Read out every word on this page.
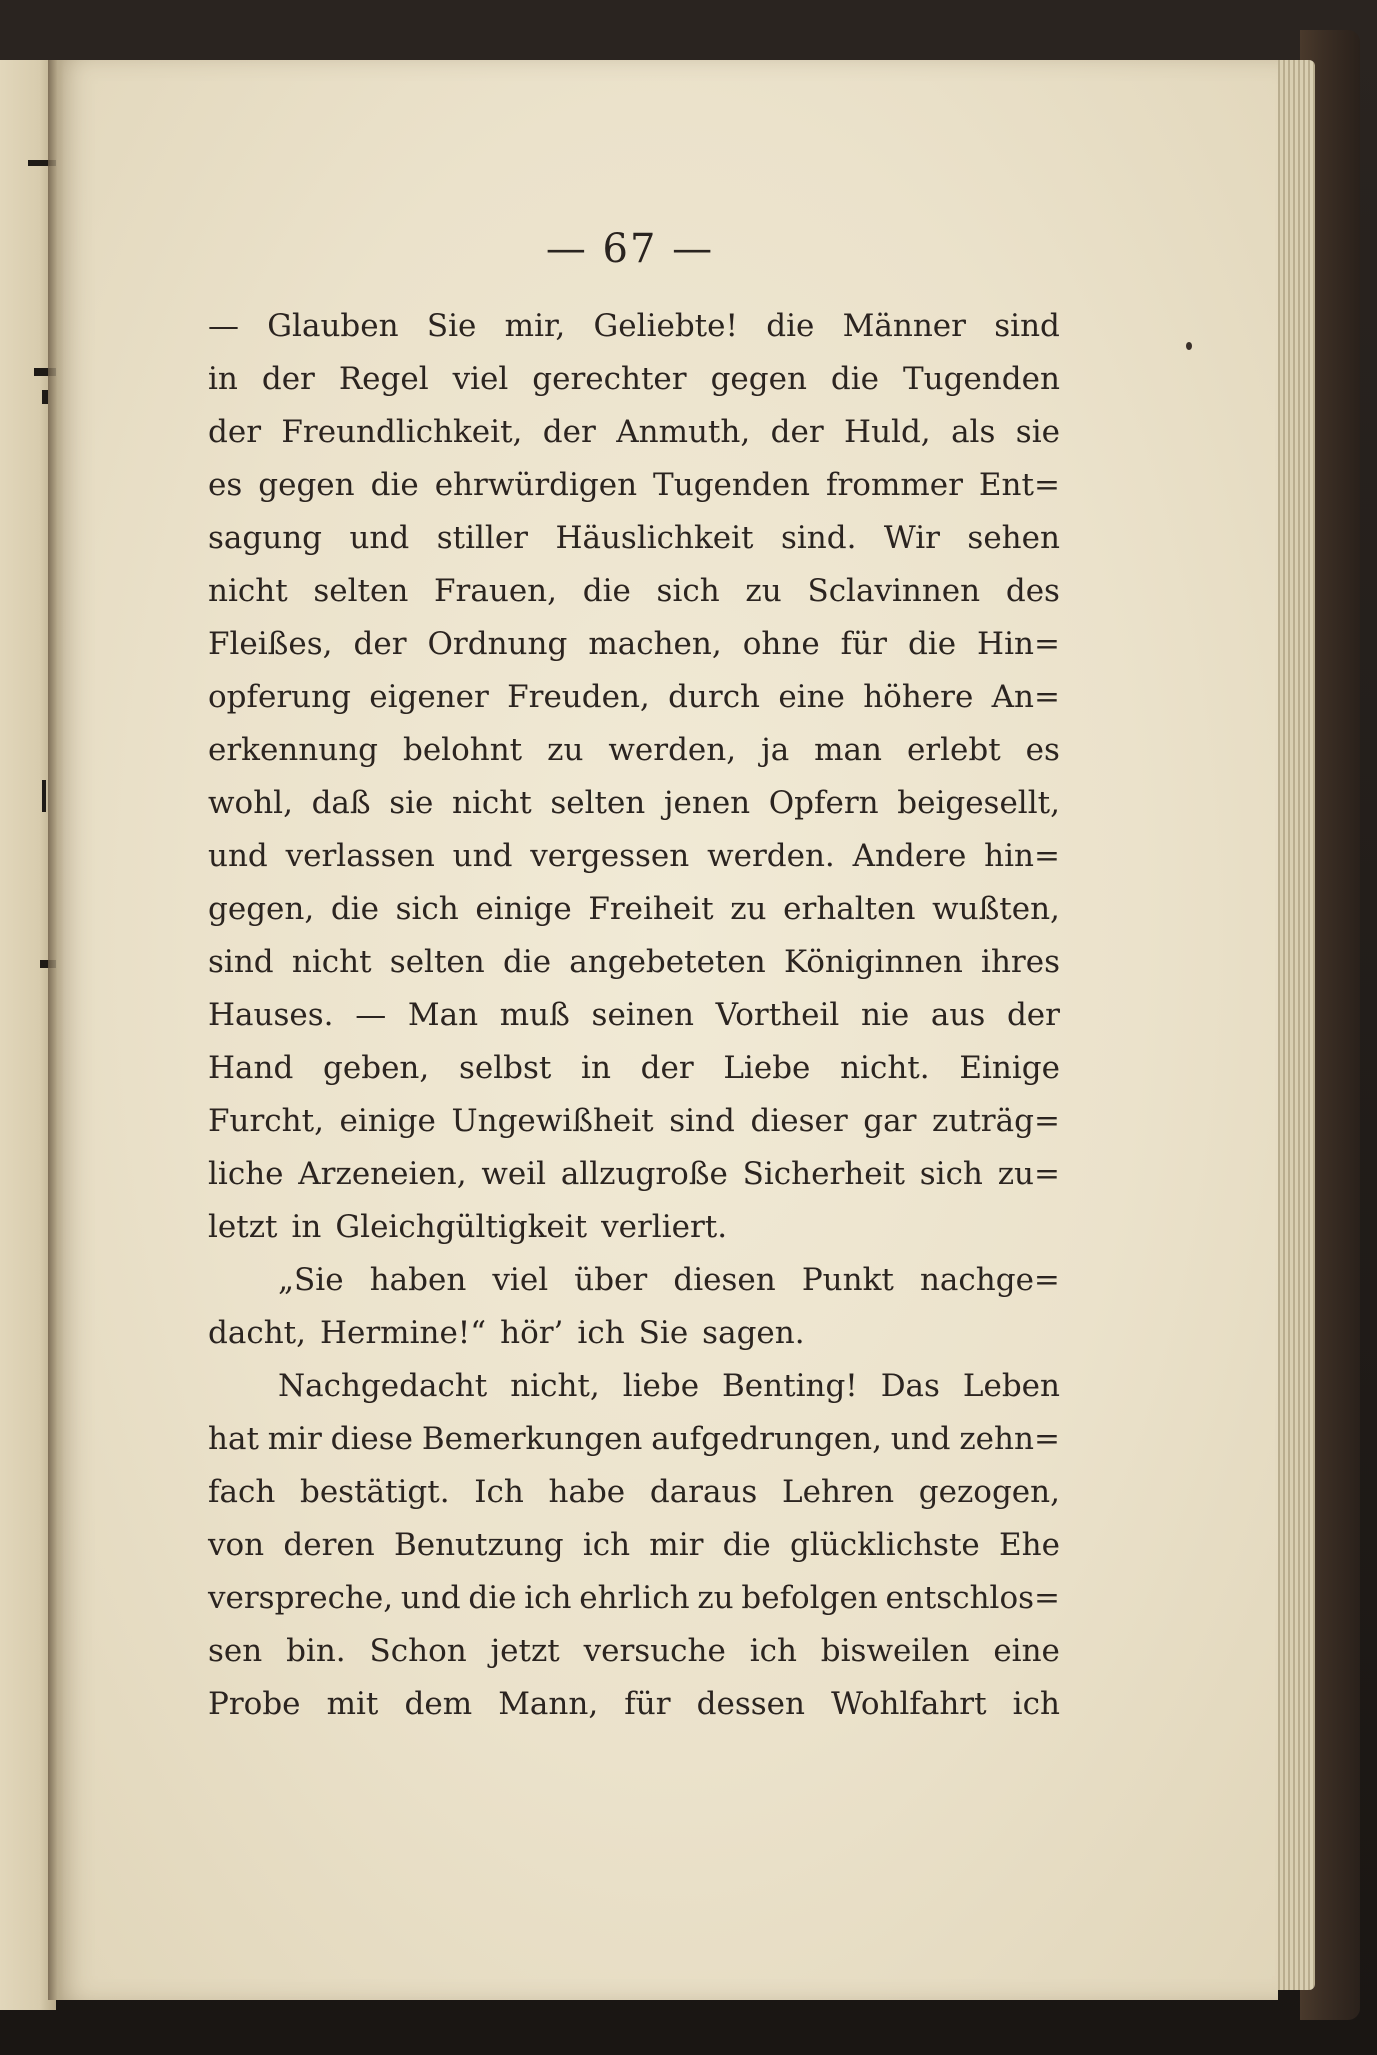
— 67 —
— Glauben Sie mir, Geliebte! die Männer sind
in der Regel viel gerechter gegen die Tugenden
der Freundlichkeit, der Anmuth, der Huld, als sie
es gegen die ehrwürdigen Tugenden frommer Ent=
sagung und stiller Häuslichkeit sind. Wir sehen
nicht selten Frauen, die sich zu Sclavinnen des
Fleißes, der Ordnung machen, ohne für die Hin=
opferung eigener Freuden, durch eine höhere An=
erkennung belohnt zu werden, ja man erlebt es
wohl, daß sie nicht selten jenen Opfern beigesellt,
und verlassen und vergessen werden. Andere hin=
gegen, die sich einige Freiheit zu erhalten wußten,
sind nicht selten die angebeteten Königinnen ihres
Hauses. — Man muß seinen Vortheil nie aus der
Hand geben, selbst in der Liebe nicht. Einige
Furcht, einige Ungewißheit sind dieser gar zuträg=
liche Arzeneien, weil allzugroße Sicherheit sich zu=
letzt in Gleichgültigkeit verliert.
„Sie haben viel über diesen Punkt nachge=
dacht, Hermine!“ hör’ ich Sie sagen.
Nachgedacht nicht, liebe Benting! Das Leben
hat mir diese Bemerkungen aufgedrungen, und zehn=
fach bestätigt. Ich habe daraus Lehren gezogen,
von deren Benutzung ich mir die glücklichste Ehe
verspreche, und die ich ehrlich zu befolgen entschlos=
sen bin. Schon jetzt versuche ich bisweilen eine
Probe mit dem Mann, für dessen Wohlfahrt ich
